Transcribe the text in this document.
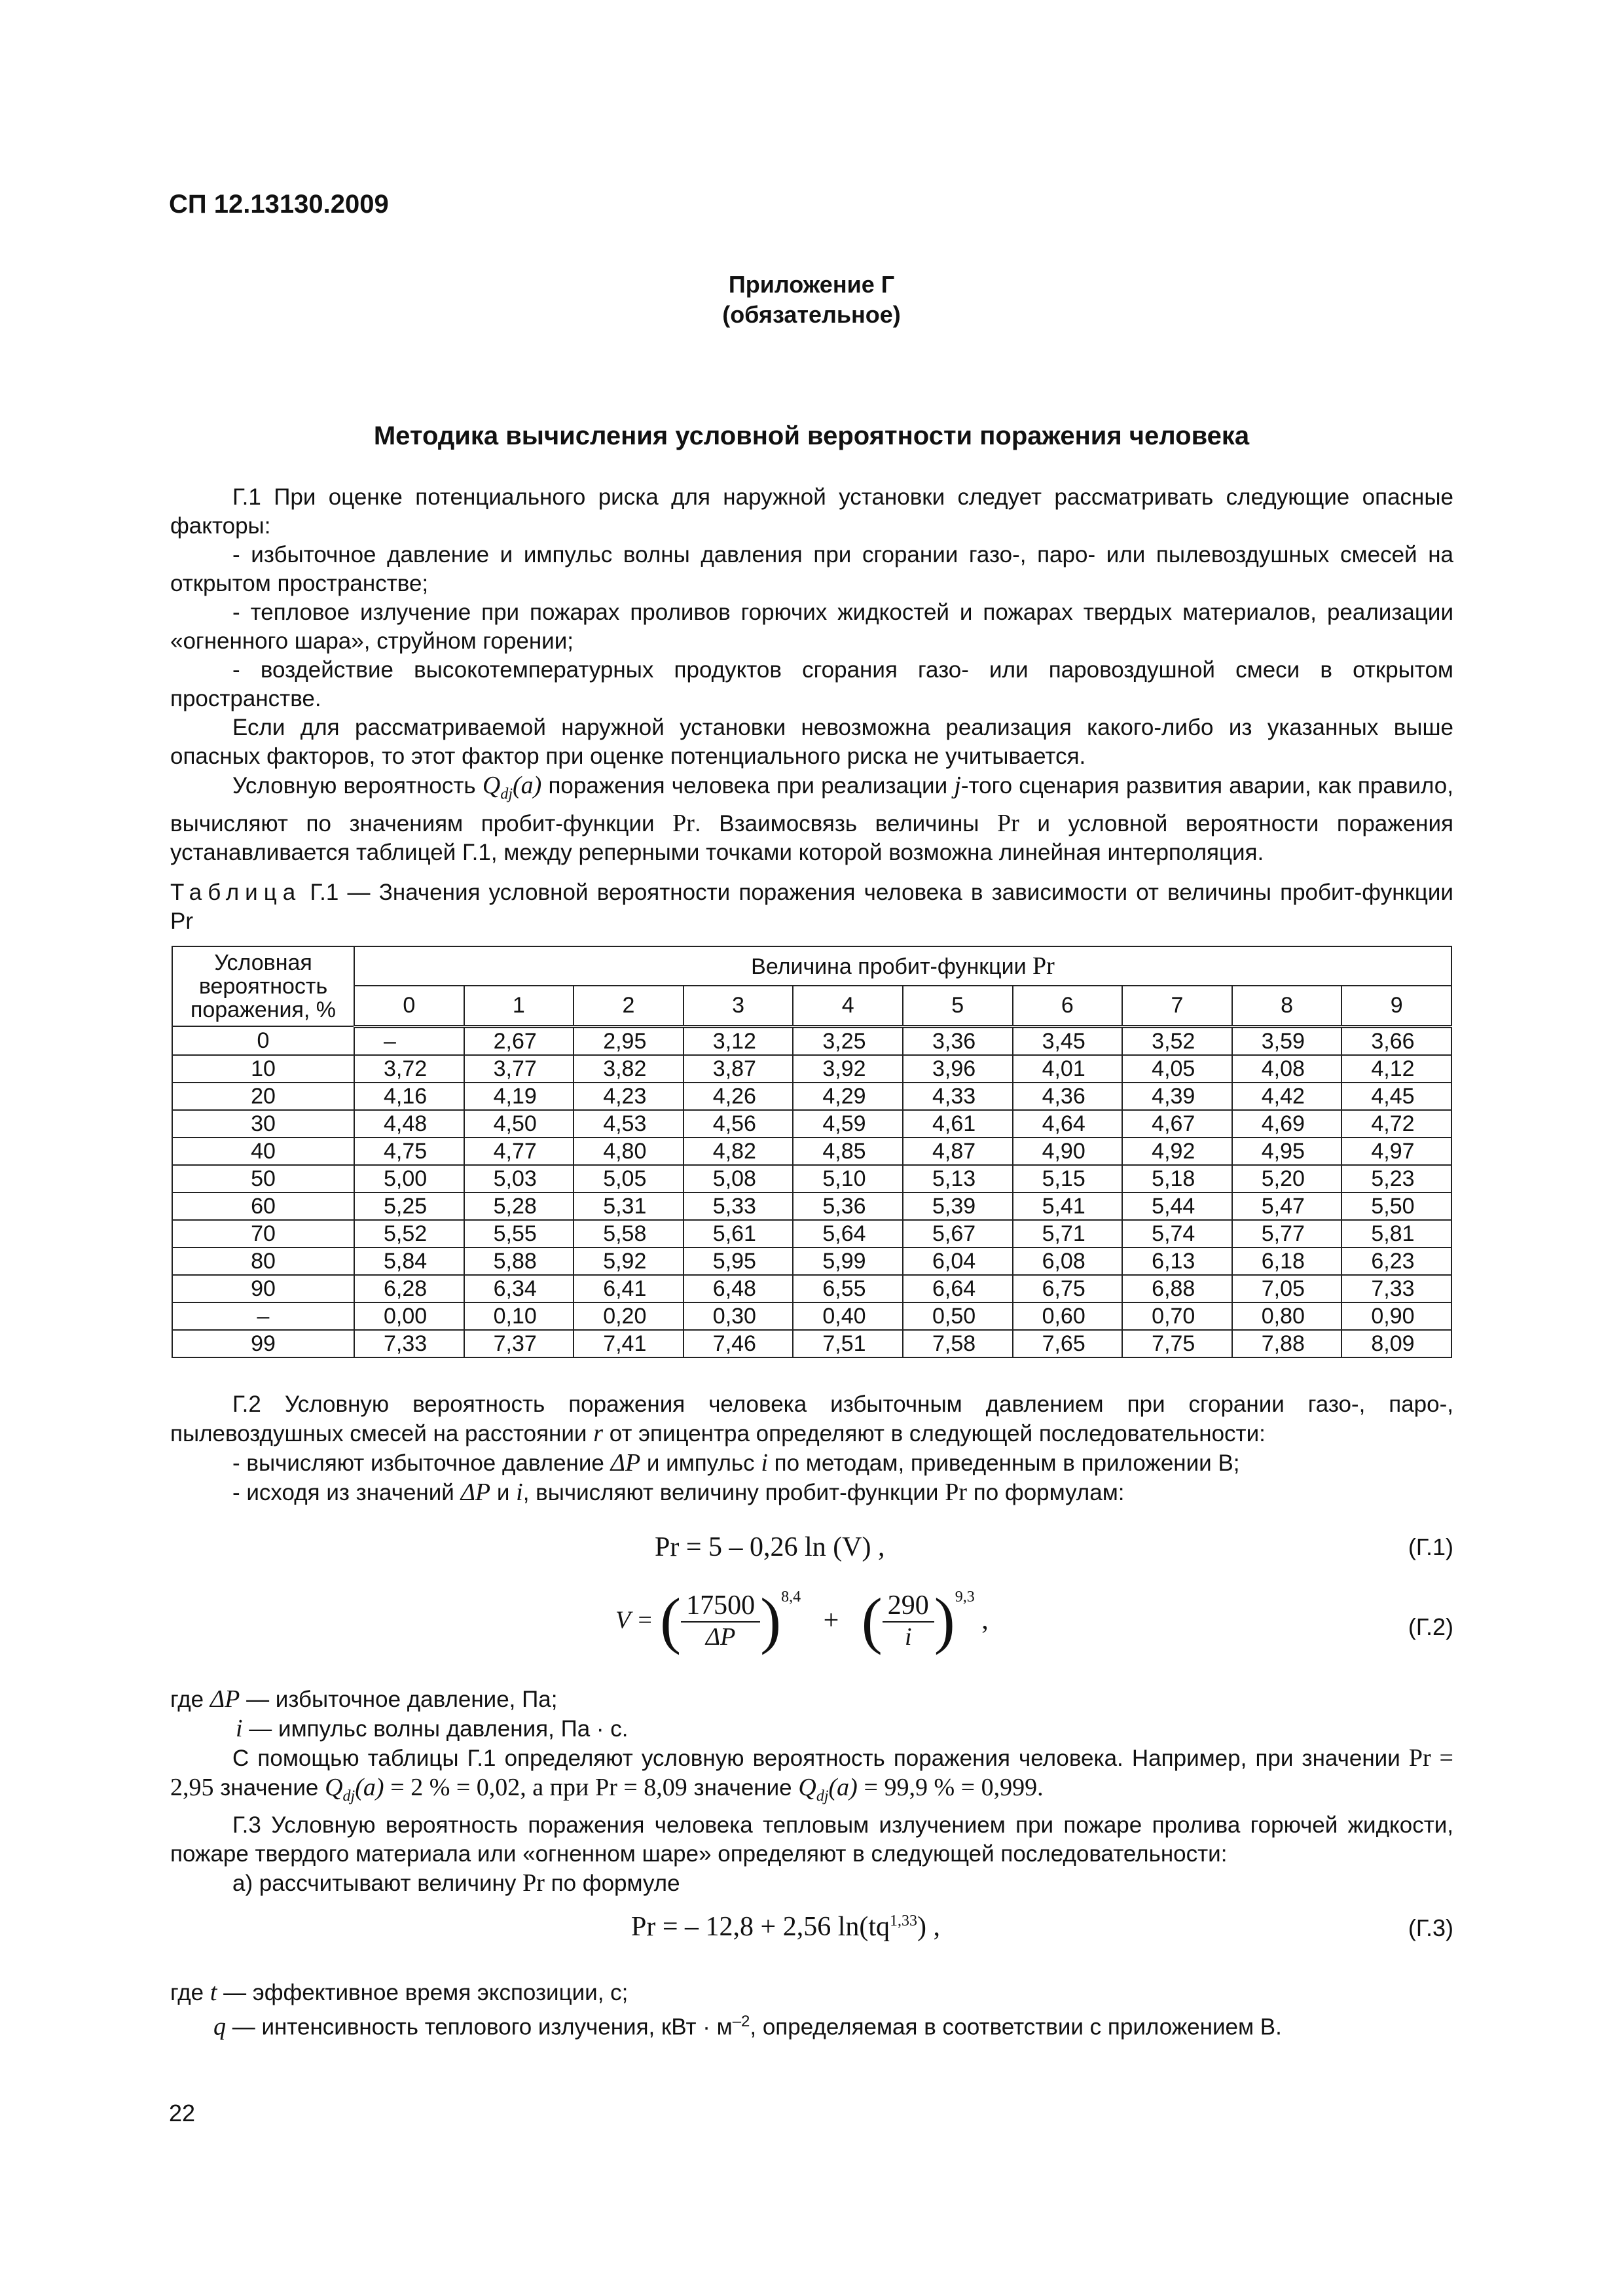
СП 12.13130.2009
Приложение Г
(обязательное)
Методика вычисления условной вероятности поражения человека
Г.1 При оценке потенциального риска для наружной установки следует рассматривать следующие опасные факторы:
- избыточное давление и импульс волны давления при сгорании газо-, паро- или пылевоздушных смесей на открытом пространстве;
- тепловое излучение при пожарах проливов горючих жидкостей и пожарах твердых материалов, реализации «огненного шара», струйном горении;
- воздействие высокотемпературных продуктов сгорания газо- или паровоздушной смеси в открытом пространстве.
Если для рассматриваемой наружной установки невозможна реализация какого-либо из указанных выше опасных факторов, то этот фактор при оценке потенциального риска не учитывается.
Условную вероятность $Q_{dj}(a)$ поражения человека при реализации j-того сценария развития аварии, как правило, вычисляют по значениям пробит-функции Pr. Взаимосвязь величины Pr и условной вероятности поражения устанавливается таблицей Г.1, между реперными точками которой возможна линейная интерполяция.
Таблица Г.1 — Значения условной вероятности поражения человека в зависимости от величины пробит-функции Pr
Условная вероятность поражения, %	Величина пробит-функции Pr									
	0	1	2	3	4	5	6	7	8	9
0	–	2,67	2,95	3,12	3,25	3,36	3,45	3,52	3,59	3,66
10	3,72	3,77	3,82	3,87	3,92	3,96	4,01	4,05	4,08	4,12
20	4,16	4,19	4,23	4,26	4,29	4,33	4,36	4,39	4,42	4,45
30	4,48	4,50	4,53	4,56	4,59	4,61	4,64	4,67	4,69	4,72
40	4,75	4,77	4,80	4,82	4,85	4,87	4,90	4,92	4,95	4,97
50	5,00	5,03	5,05	5,08	5,10	5,13	5,15	5,18	5,20	5,23
60	5,25	5,28	5,31	5,33	5,36	5,39	5,41	5,44	5,47	5,50
70	5,52	5,55	5,58	5,61	5,64	5,67	5,71	5,74	5,77	5,81
80	5,84	5,88	5,92	5,95	5,99	6,04	6,08	6,13	6,18	6,23
90	6,28	6,34	6,41	6,48	6,55	6,64	6,75	6,88	7,05	7,33
–	0,00	0,10	0,20	0,30	0,40	0,50	0,60	0,70	0,80	0,90
99	7,33	7,37	7,41	7,46	7,51	7,58	7,65	7,75	7,88	8,09
Г.2 Условную вероятность поражения человека избыточным давлением при сгорании газо-, паро-, пылевоздушных смесей на расстоянии r от эпицентра определяют в следующей последовательности:
- вычисляют избыточное давление ΔP и импульс i по методам, приведенным в приложении В;
- исходя из значений ΔP и i, вычисляют величину пробит-функции Pr по формулам:
Pr = 5 – 0,26 ln (V) ,	(Г.1)
V = ( $\frac{17500}{\Delta P} )^{8,4}$ + ( $\frac{290}{i} )^{9,3}$ ,	(Г.2)
где ΔP — избыточное давление, Па;
i — импульс волны давления, Па · с.
С помощью таблицы Г.1 определяют условную вероятность поражения человека. Например, при значении Pr = 2,95 значение $Q_{dj}(a) = 2$ % = 0,02, а при Pr = 8,09 значение $Q_{dj}(a) = 99,9$ % = 0,999.
Г.3 Условную вероятность поражения человека тепловым излучением при пожаре пролива горючей жидкости, пожаре твердого материала или «огненном шаре» определяют в следующей последовательности:
а) рассчитывают величину Pr по формуле
Pr = – 12,8 + 2,56 ln(tq$^{1,33}$) ,	(Г.3)
где t — эффективное время экспозиции, с;
q — интенсивность теплового излучения, кВт · $м^{-2}$, определяемая в соответствии с приложением В.
22
